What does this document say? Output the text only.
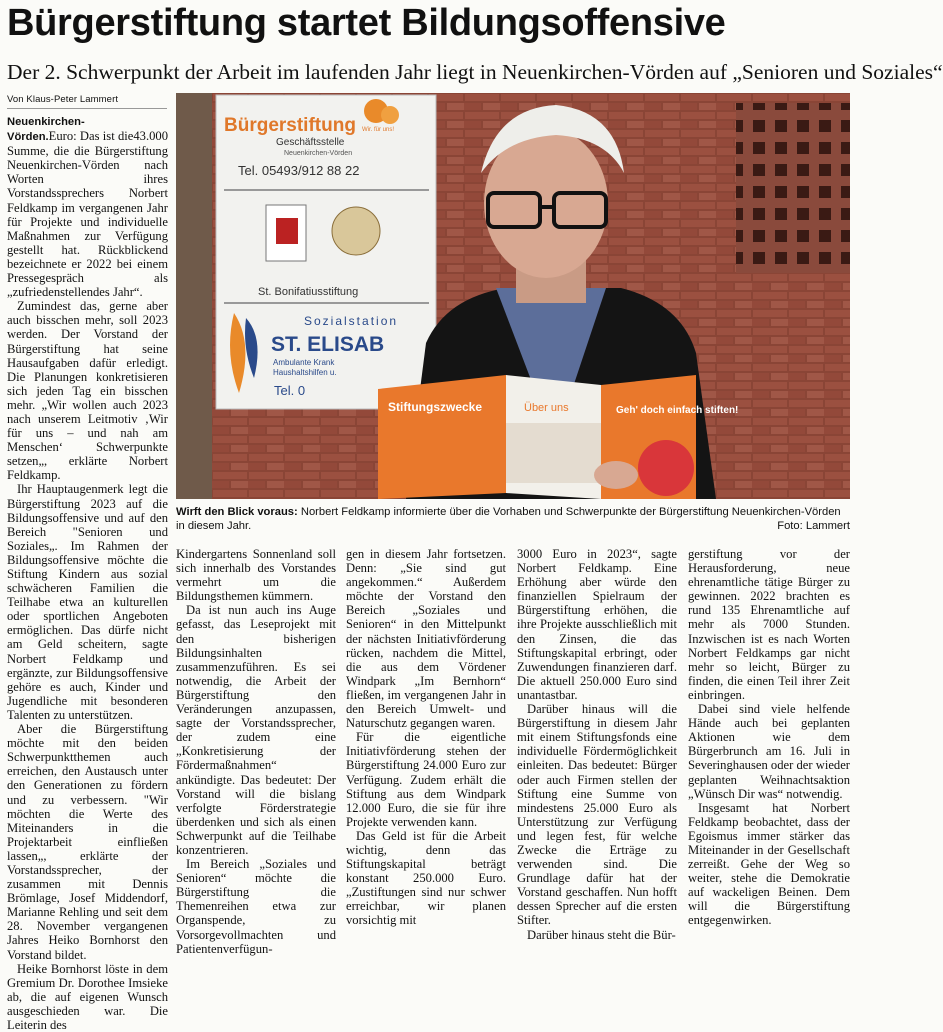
Bürgerstiftung startet Bildungsoffensive
Der 2. Schwerpunkt der Arbeit im laufenden Jahr liegt in Neuenkirchen-Vörden auf „Senioren und Soziales“
Von Klaus-Peter Lammert

Neuenkirchen-Vörden.	43.000
Euro: Das ist die Summe, die die Bürgerstiftung Neuenkirchen-Vörden nach Worten ihres Vorstandssprechers Norbert Feldkamp im vergangenen Jahr für Projekte und individuelle Maßnahmen zur Verfügung gestellt hat. Rückblickend bezeichnete er 2022 bei einem Pressegespräch als „zufriedenstellendes Jahr“.

Zumindest das, gerne aber auch bisschen mehr, soll 2023 werden. Der Vorstand der Bürgerstiftung hat seine Hausaufgaben dafür erledigt. Die Planungen konkretisieren sich jeden Tag ein bisschen mehr. „Wir wollen auch 2023 nach unserem Leitmotiv ‚Wir für uns – und nah am Menschen‘ Schwerpunkte setzen„, erklärte Norbert Feldkamp.

Ihr Hauptaugenmerk legt die Bürgerstiftung 2023 auf die Bildungsoffensive und auf den Bereich "Senioren und Soziales„. Im Rahmen der Bildungsoffensive möchte die Stiftung Kindern aus sozial schwächeren Familien die Teilhabe etwa an kulturellen oder sportlichen Angeboten ermöglichen. Das dürfe nicht am Geld scheitern, sagte Norbert Feldkamp und ergänzte, zur Bildungsoffensive gehöre es auch, Kinder und Jugendliche mit besonderen Talenten zu unterstützen.

Aber die Bürgerstiftung möchte mit den beiden Schwerpunktthemen auch erreichen, den Austausch unter den Generationen zu fördern und zu verbessern. "Wir möchten die Werte des Miteinanders in die Projektarbeit einfließen lassen„, erklärte der Vorstandssprecher, der zusammen mit Dennis Brömlage, Josef Middendorf, Marianne Rehling und seit dem 28. November vergangenen Jahres Heiko Bornhorst den Vorstand bildet.

Heike Bornhorst löste in dem Gremium Dr. Dorothee Imsieke ab, die auf eigenen Wunsch ausgeschieden war. Die Leiterin des

Bürgerstiftung Wir. für uns!
Geschäftsstelle
Neuenkirchen-Vörden
Tel. 05493/912 88 22
St. Bonifatiusstiftung
Sozialstation
ST. ELISAB
Ambulante Krank
Haushaltshilfen u.
Tel. 0
Stiftungszwecke	Über uns	Geh' doch einfach stiften!
Wirft den Blick voraus: Norbert Feldkamp informierte über die Vorhaben und Schwerpunkte der Bürgerstiftung Neuenkirchen-Vörden in diesem Jahr.	Foto: Lammert

Kindergartens Sonnenland soll sich innerhalb des Vorstandes vermehrt um die Bildungsthemen kümmern.

Da ist nun auch ins Auge gefasst, das Leseprojekt mit den bisherigen Bildungsinhalten zusammenzuführen. Es sei notwendig, die Arbeit der Bürgerstiftung den Veränderungen anzupassen, sagte der Vorstandssprecher, der zudem eine „Konkretisierung der Fördermaßnahmen“ ankündigte. Das bedeutet: Der Vorstand will die bislang verfolgte Förderstrategie überdenken und sich als einen Schwerpunkt auf die Teilhabe konzentrieren.

Im Bereich „Soziales und Senioren“ möchte die Bürgerstiftung die Themenreihen etwa zur Organspende, zu Vorsorgevollmachten und Patientenverfügun-

gen in diesem Jahr fortsetzen. Denn: „Sie sind gut angekommen.“ Außerdem möchte der Vorstand den Bereich „Soziales und Senioren“ in den Mittelpunkt der nächsten Initiativförderung rücken, nachdem die Mittel, die aus dem Vördener Windpark „Im Bernhorn“ fließen, im vergangenen Jahr in den Bereich Umwelt- und Naturschutz gegangen waren.

Für die eigentliche Initiativförderung stehen der Bürgerstiftung 24.000 Euro zur Verfügung. Zudem erhält die Stiftung aus dem Windpark 12.000 Euro, die sie für ihre Projekte verwenden kann.

Das Geld ist für die Arbeit wichtig, denn das Stiftungskapital beträgt konstant 250.000 Euro. „Zustiftungen sind nur schwer erreichbar, wir planen vorsichtig mit

3000 Euro in 2023“, sagte Norbert Feldkamp. Eine Erhöhung aber würde den finanziellen Spielraum der Bürgerstiftung erhöhen, die ihre Projekte ausschließlich mit den Zinsen, die das Stiftungskapital erbringt, oder Zuwendungen finanzieren darf. Die aktuell 250.000 Euro sind unantastbar.

Darüber hinaus will die Bürgerstiftung in diesem Jahr mit einem Stiftungsfonds eine individuelle Fördermöglichkeit einleiten. Das bedeutet: Bürger oder auch Firmen stellen der Stiftung eine Summe von mindestens 25.000 Euro als Unterstützung zur Verfügung und legen fest, für welche Zwecke die Erträge zu verwenden sind. Die Grundlage dafür hat der Vorstand geschaffen. Nun hofft dessen Sprecher auf die ersten Stifter.

Darüber hinaus steht die Bür-

gerstiftung vor der Herausforderung, neue ehrenamtliche tätige Bürger zu gewinnen. 2022 brachten es rund 135 Ehrenamtliche auf mehr als 7000 Stunden. Inzwischen ist es nach Worten Norbert Feldkamps gar nicht mehr so leicht, Bürger zu finden, die einen Teil ihrer Zeit einbringen.

Dabei sind viele helfende Hände auch bei geplanten Aktionen wie dem Bürgerbrunch am 16. Juli in Severinghausen oder der wieder geplanten Weihnachtsaktion „Wünsch Dir was“ notwendig.

Insgesamt hat Norbert Feldkamp beobachtet, dass der Egoismus immer stärker das Miteinander in der Gesellschaft zerreißt. Gehe der Weg so weiter, stehe die Demokratie auf wackeligen Beinen. Dem will die Bürgerstiftung entgegenwirken.
